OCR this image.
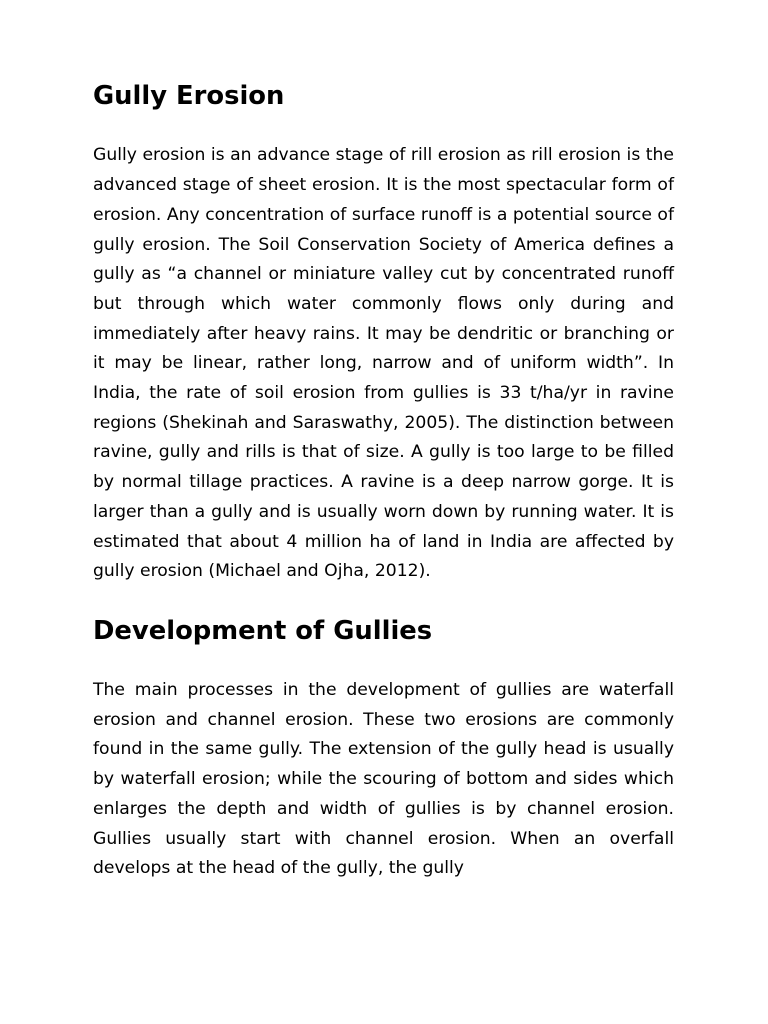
Gully Erosion

Gully erosion is an advance stage of rill erosion as rill erosion is the advanced stage of sheet erosion. It is the most spectacular form of erosion. Any concentration of surface runoff is a potential source of gully erosion. The Soil Conservation Society of America defines a gully as “a channel or miniature valley cut by concentrated runoff but through which water commonly flows only during and immediately after heavy rains. It may be dendritic or branching or it may be linear, rather long, narrow and of uniform width”. In India, the rate of soil erosion from gullies is 33 t/ha/yr in ravine regions (Shekinah and Saraswathy, 2005). The distinction between ravine, gully and rills is that of size. A gully is too large to be filled by normal tillage practices. A ravine is a deep narrow gorge. It is larger than a gully and is usually worn down by running water. It is estimated that about 4 million ha of land in India are affected by gully erosion (Michael and Ojha, 2012).

Development of Gullies

The main processes in the development of gullies are waterfall erosion and channel erosion. These two erosions are commonly found in the same gully. The extension of the gully head is usually by waterfall erosion; while the scouring of bottom and sides which enlarges the depth and width of gullies is by channel erosion. Gullies usually start with channel erosion. When an overfall develops at the head of the gully, the gully
